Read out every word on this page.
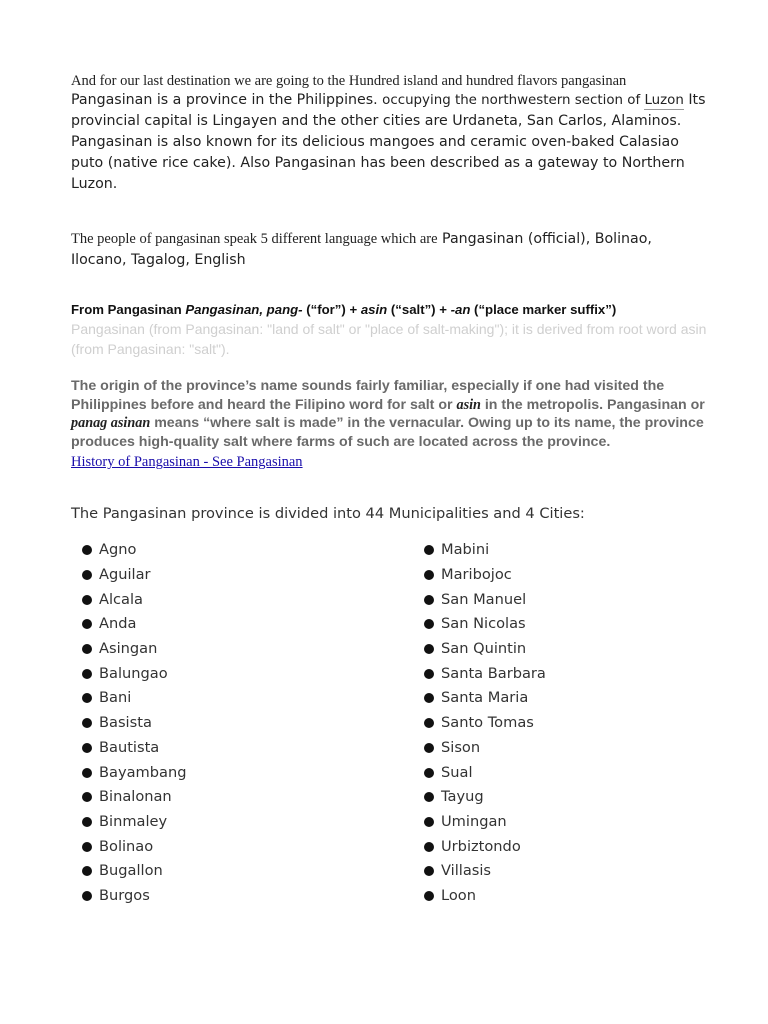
And for our last destination we are going to the Hundred island and hundred flavors pangasinan

Pangasinan is a province in the Philippines. occupying the northwestern section of Luzon Its provincial capital is Lingayen and the other cities are Urdaneta, San Carlos, Alaminos. Pangasinan is also known for its delicious mangoes and ceramic oven-baked Calasiao puto (native rice cake). Also Pangasinan has been described as a gateway to Northern Luzon.

The people of pangasinan speak 5 different language which are Pangasinan (official), Bolinao, Ilocano, Tagalog, English

From Pangasinan Pangasinan, pang- (“for”) + asin (“salt”) + -an (“place marker suffix”)

Pangasinan (from Pangasinan: "land of salt" or "place of salt-making"); it is derived from root word asin (from Pangasinan: "salt").

The origin of the province’s name sounds fairly familiar, especially if one had visited the Philippines before and heard the Filipino word for salt or asin in the metropolis. Pangasinan or panag asinan means “where salt is made” in the vernacular. Owing up to its name, the province produces high-quality salt where farms of such are located across the province.

History of Pangasinan - See Pangasinan

The Pangasinan province is divided into 44 Municipalities and 4 Cities:

Agno
Aguilar
Alcala
Anda
Asingan
Balungao
Bani
Basista
Bautista
Bayambang
Binalonan
Binmaley
Bolinao
Bugallon
Burgos
Mabini
Maribojoc
San Manuel
San Nicolas
San Quintin
Santa Barbara
Santa Maria
Santo Tomas
Sison
Sual
Tayug
Umingan
Urbiztondo
Villasis
Loon
